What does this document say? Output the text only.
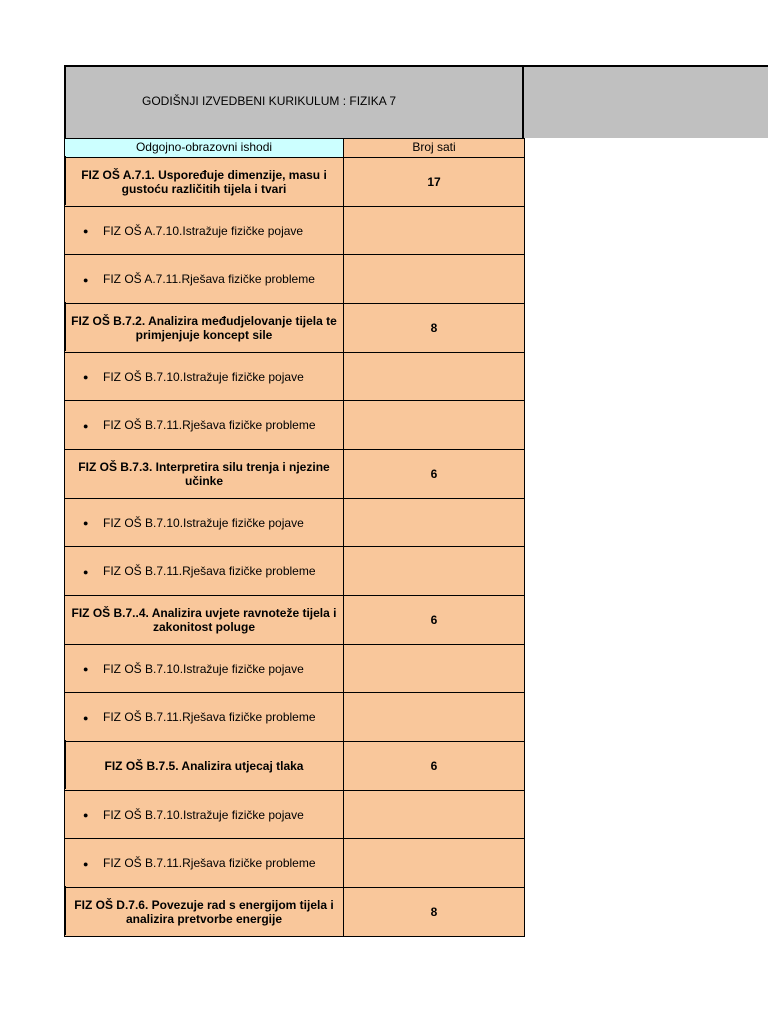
GODIŠNJI IZVEDBENI KURIKULUM : FIZIKA 7
Odgojno-obrazovni ishodi	Broj sati
FIZ OŠ A.7.1. Uspoređuje dimenzije, masu i gustoću različitih tijela i tvari	17
● FIZ OŠ A.7.10.Istražuje fizičke pojave	
● FIZ OŠ A.7.11.Rješava fizičke probleme	
FIZ OŠ B.7.2. Analizira međudjelovanje tijela te primjenjuje koncept sile	8
● FIZ OŠ B.7.10.Istražuje fizičke pojave	
● FIZ OŠ B.7.11.Rješava fizičke probleme	
FIZ OŠ B.7.3. Interpretira silu trenja i njezine učinke	6
● FIZ OŠ B.7.10.Istražuje fizičke pojave	
● FIZ OŠ B.7.11.Rješava fizičke probleme	
FIZ OŠ B.7..4. Analizira uvjete ravnoteže tijela i zakonitost poluge	6
● FIZ OŠ B.7.10.Istražuje fizičke pojave	
● FIZ OŠ B.7.11.Rješava fizičke probleme	
FIZ OŠ B.7.5. Analizira utjecaj tlaka	6
● FIZ OŠ B.7.10.Istražuje fizičke pojave	
● FIZ OŠ B.7.11.Rješava fizičke probleme	
FIZ OŠ D.7.6. Povezuje rad s energijom tijela i analizira pretvorbe energije	8
